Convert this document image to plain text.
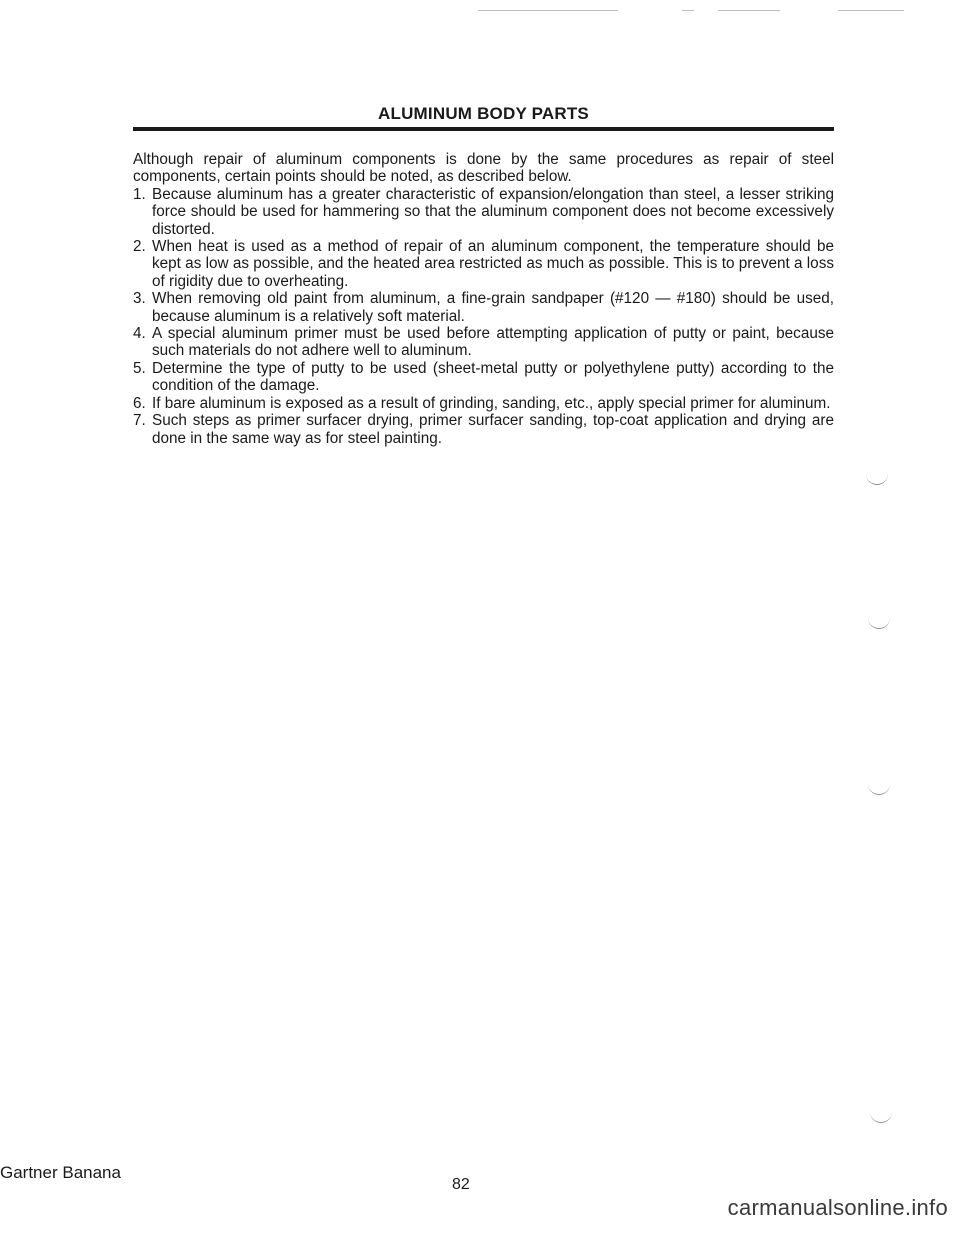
ALUMINUM BODY PARTS

Although repair of aluminum components is done by the same procedures as repair of steel components, certain points should be noted, as described below.

1. Because aluminum has a greater characteristic of expansion/elongation than steel, a lesser striking force should be used for hammering so that the aluminum component does not become excessively distorted.
2. When heat is used as a method of repair of an aluminum component, the temperature should be kept as low as possible, and the heated area restricted as much as possible. This is to prevent a loss of rigidity due to overheating.
3. When removing old paint from aluminum, a fine-grain sandpaper (#120 — #180) should be used, because aluminum is a relatively soft material.
4. A special aluminum primer must be used before attempting application of putty or paint, because such materials do not adhere well to aluminum.
5. Determine the type of putty to be used (sheet-metal putty or polyethylene putty) according to the condition of the damage.
6. If bare aluminum is exposed as a result of grinding, sanding, etc., apply special primer for aluminum.
7. Such steps as primer surfacer drying, primer surfacer sanding, top-coat application and drying are done in the same way as for steel painting.
Gartner Banana
82
carmanualsonline.info
